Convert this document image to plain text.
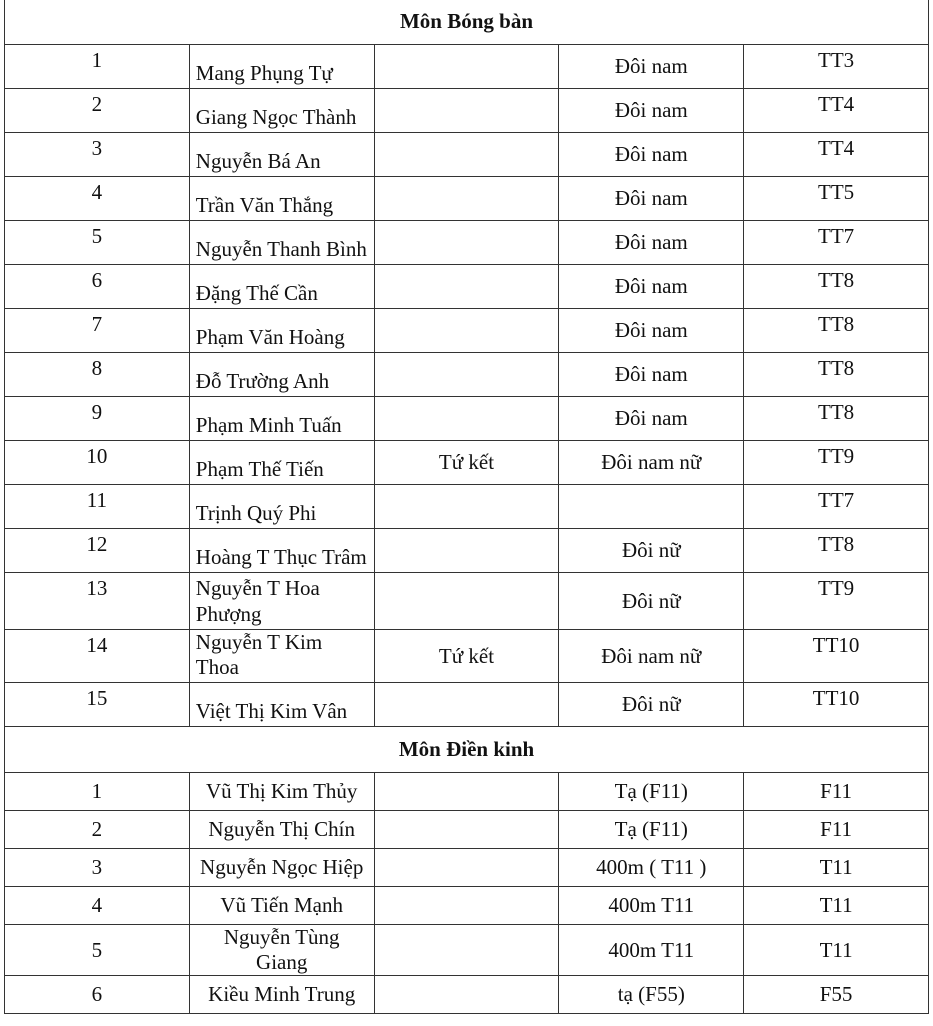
Môn Bóng bàn				
1	Mang Phụng Tự		Đôi nam	TT3
2	Giang Ngọc Thành		Đôi nam	TT4
3	Nguyễn Bá An		Đôi nam	TT4
4	Trần Văn Thắng		Đôi nam	TT5
5	Nguyễn Thanh Bình		Đôi nam	TT7
6	Đặng Thế Cần		Đôi nam	TT8
7	Phạm Văn Hoàng		Đôi nam	TT8
8	Đỗ Trường Anh		Đôi nam	TT8
9	Phạm Minh Tuấn		Đôi nam	TT8
10	Phạm Thế Tiến	Tứ kết	Đôi nam nữ	TT9
11	Trịnh Quý Phi			TT7
12	Hoàng T Thục Trâm		Đôi nữ	TT8
13	Nguyễn T Hoa Phượng		Đôi nữ	TT9
14	Nguyễn T Kim Thoa	Tứ kết	Đôi nam nữ	TT10
15	Việt Thị Kim Vân		Đôi nữ	TT10
Môn Điền kinh				
1	Vũ Thị Kim Thủy		Tạ (F11)	F11
2	Nguyễn Thị Chín		Tạ (F11)	F11
3	Nguyễn Ngọc Hiệp		400m ( T11 )	T11
4	Vũ Tiến Mạnh		400m T11	T11
5	Nguyễn Tùng Giang		400m T11	T11
6	Kiều Minh Trung		tạ (F55)	F55
